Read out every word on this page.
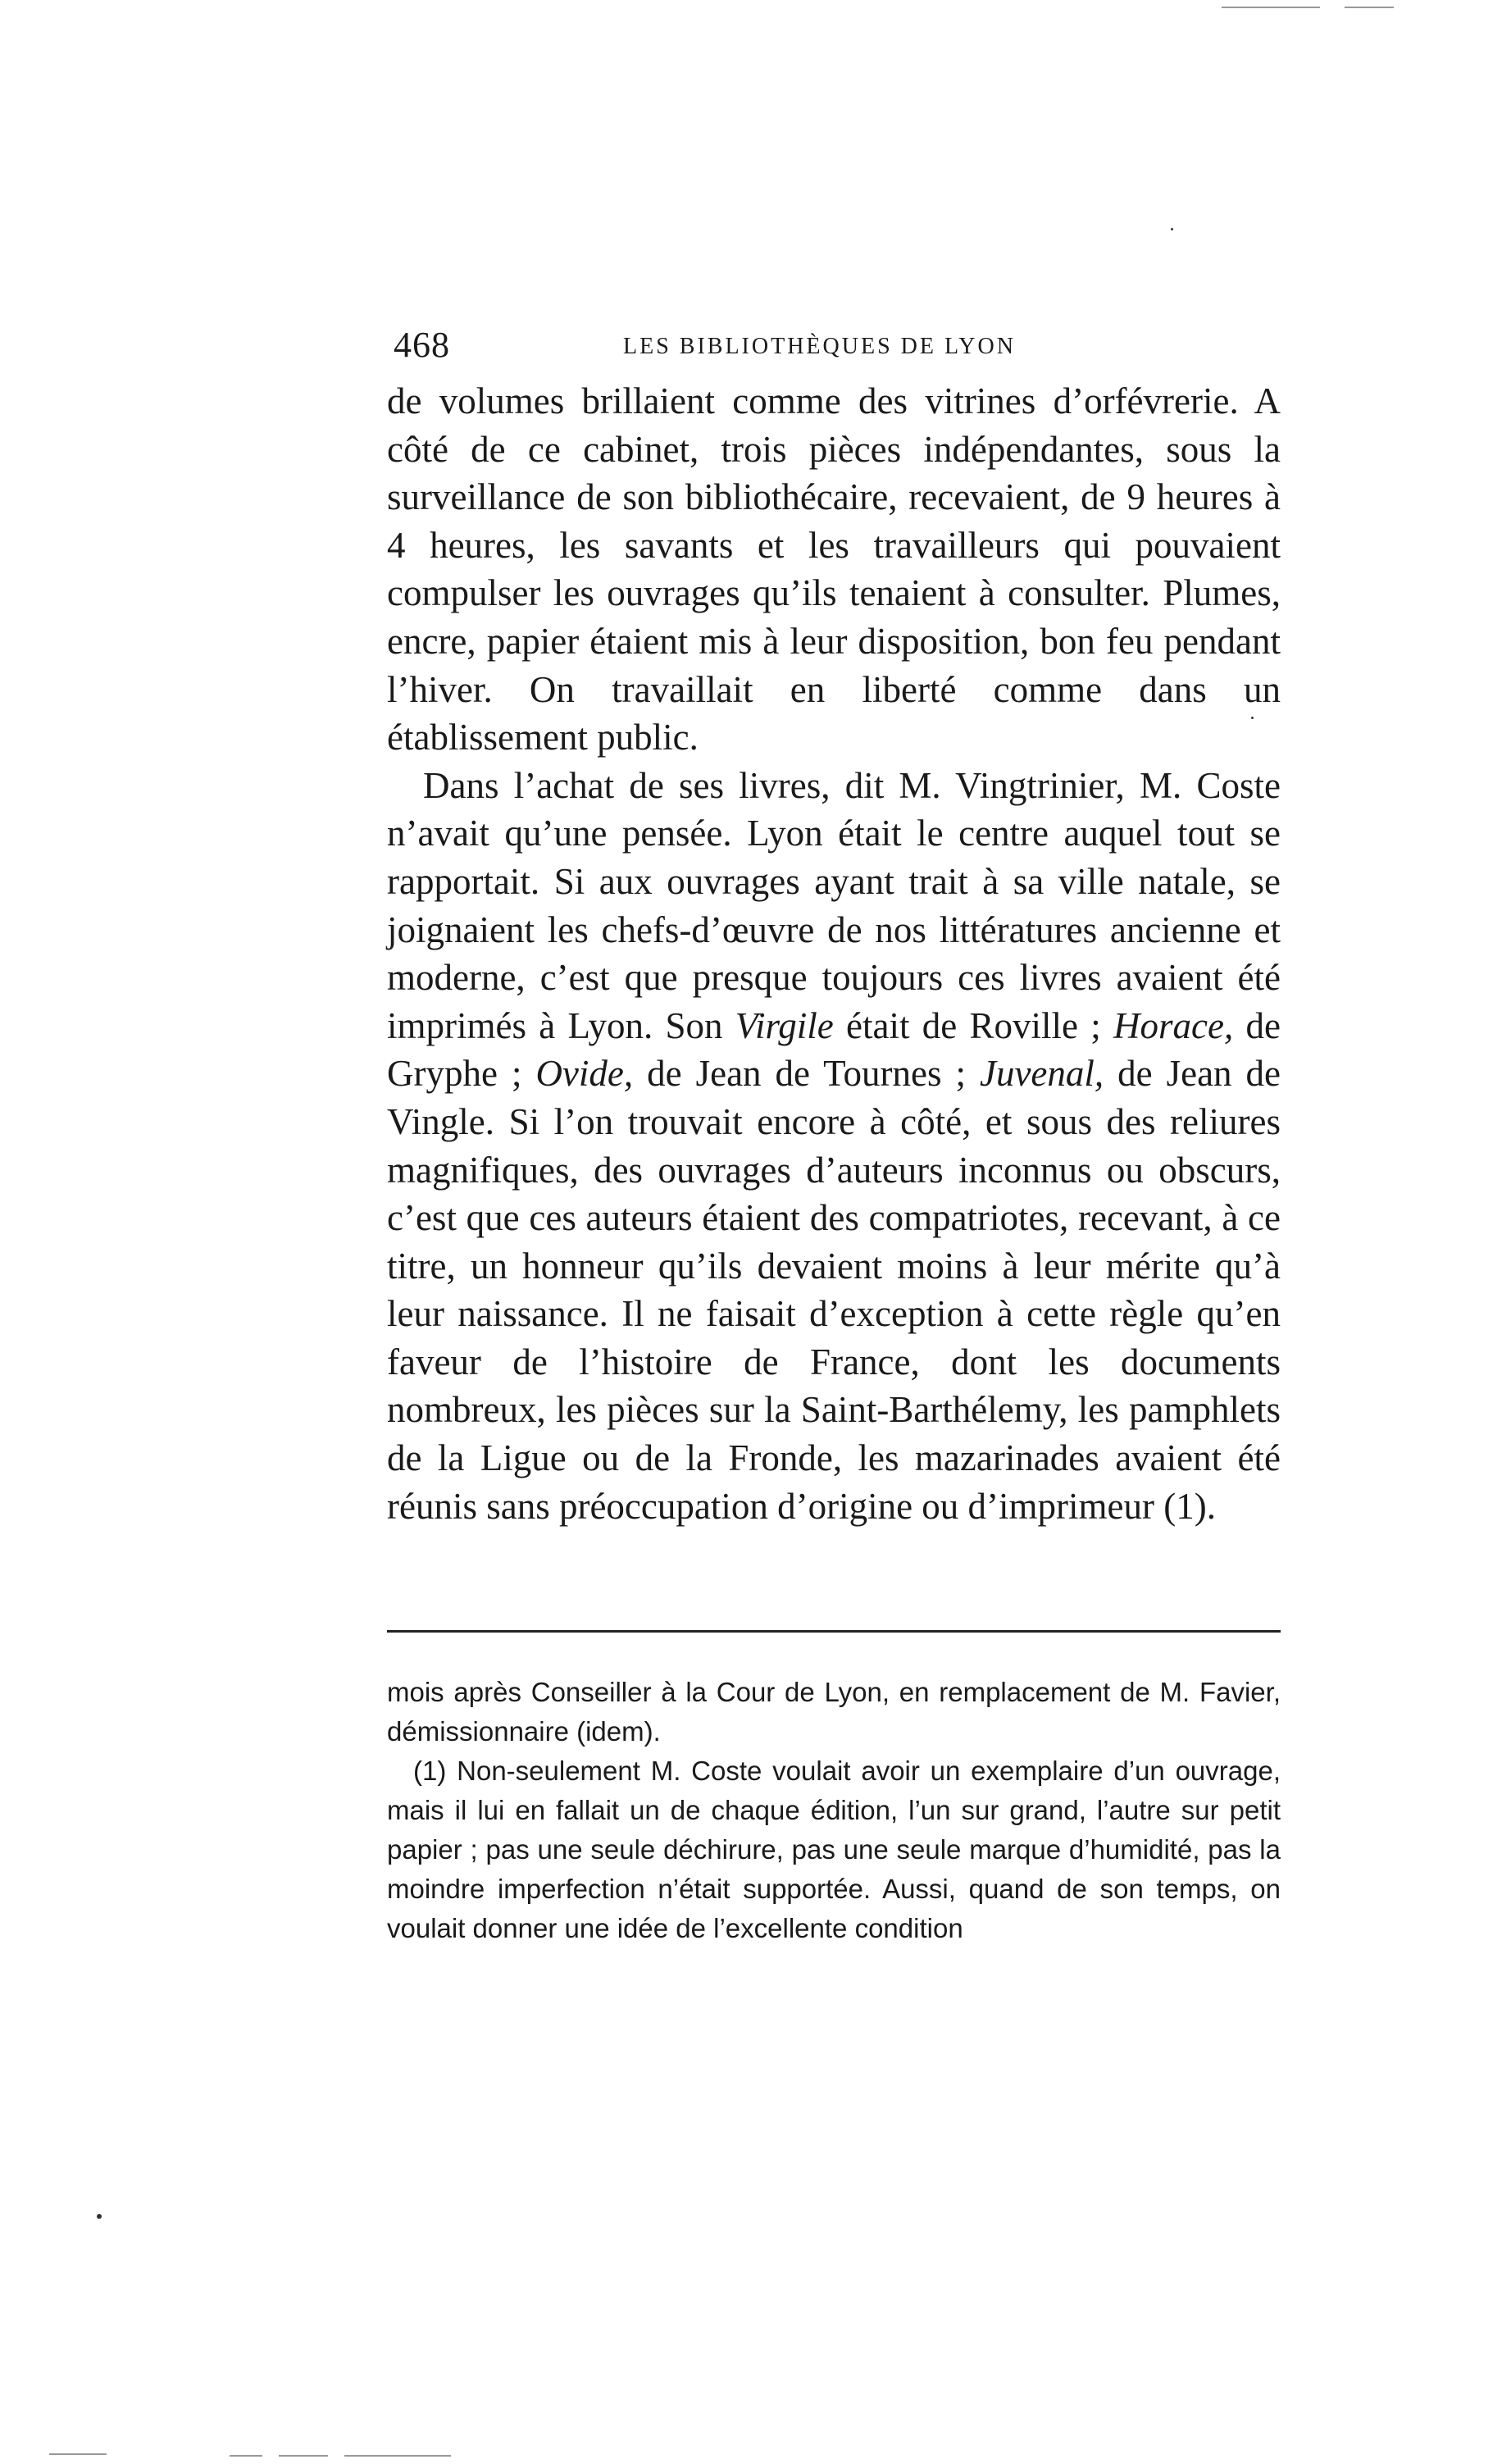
468	LES BIBLIOTHÈQUES DE LYON

de volumes brillaient comme des vitrines d’orfévrerie. A côté de ce cabinet, trois pièces indépendantes, sous la surveillance de son bibliothécaire, recevaient, de 9 heures à 4 heures, les savants et les travailleurs qui pouvaient compulser les ouvrages qu’ils tenaient à consulter. Plumes, encre, papier étaient mis à leur disposition, bon feu pendant l’hiver. On travaillait en liberté comme dans un établissement public.

Dans l’achat de ses livres, dit M. Vingtrinier, M. Coste n’avait qu’une pensée. Lyon était le centre auquel tout se rapportait. Si aux ouvrages ayant trait à sa ville natale, se joignaient les chefs-d’œuvre de nos littératures ancienne et moderne, c’est que presque toujours ces livres avaient été imprimés à Lyon. Son Virgile était de Roville ; Horace, de Gryphe ; Ovide, de Jean de Tournes ; Juvenal, de Jean de Vingle. Si l’on trouvait encore à côté, et sous des reliures magnifiques, des ouvrages d’auteurs inconnus ou obscurs, c’est que ces auteurs étaient des compatriotes, recevant, à ce titre, un honneur qu’ils devaient moins à leur mérite qu’à leur naissance. Il ne faisait d’exception à cette règle qu’en faveur de l’histoire de France, dont les documents nombreux, les pièces sur la Saint-Barthélemy, les pamphlets de la Ligue ou de la Fronde, les mazarinades avaient été réunis sans préoccupation d’origine ou d’imprimeur (1).

mois après Conseiller à la Cour de Lyon, en remplacement de M. Favier, démissionnaire (idem).

(1) Non-seulement M. Coste voulait avoir un exemplaire d’un ouvrage, mais il lui en fallait un de chaque édition, l’un sur grand, l’autre sur petit papier ; pas une seule déchirure, pas une seule marque d’humidité, pas la moindre imperfection n’était supportée. Aussi, quand de son temps, on voulait donner une idée de l’excellente condition
